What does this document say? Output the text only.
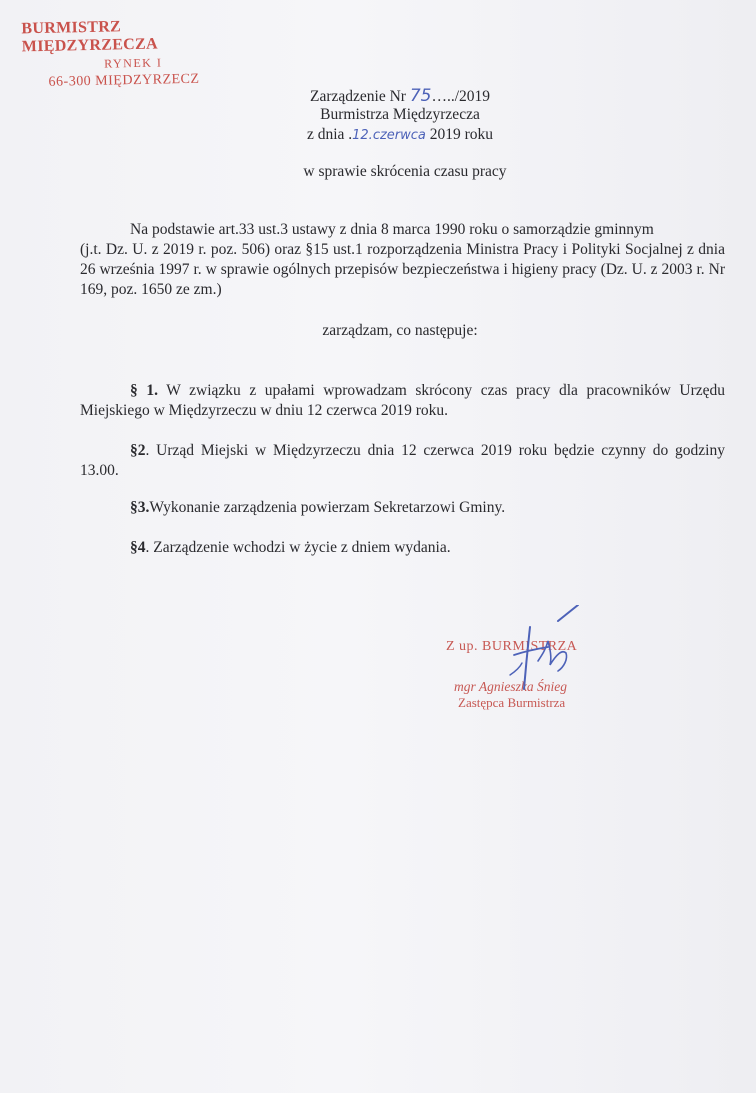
BURMISTRZ MIĘDZYRZECZA
RYNEK I
66-300 MIĘDZYRZECZ
Zarządzenie Nr 75…../2019
Burmistrza Międzyrzecza
z dnia .12.czerwca 2019 roku
w sprawie skrócenia czasu pracy
Na podstawie art.33 ust.3 ustawy z dnia 8 marca 1990 roku o samorządzie gminnym
(j.t. Dz. U. z 2019 r. poz. 506) oraz §15 ust.1 rozporządzenia Ministra Pracy i Polityki Socjalnej z dnia 26 września 1997 r. w sprawie ogólnych przepisów bezpieczeństwa i higieny pracy (Dz. U. z 2003 r. Nr 169, poz. 1650 ze zm.)
zarządzam, co następuje:
§ 1. W związku z upałami wprowadzam skrócony czas pracy dla pracowników Urzędu Miejskiego w Międzyrzeczu w dniu 12 czerwca 2019 roku.
§2. Urząd Miejski w Międzyrzeczu dnia 12 czerwca 2019 roku będzie czynny do godziny 13.00.
§3.Wykonanie zarządzenia powierzam Sekretarzowi Gminy.
§4. Zarządzenie wchodzi w życie z dniem wydania.
Z up. BURMISTRZA
mgr Agnieszka Śnieg
Zastępca Burmistrza
